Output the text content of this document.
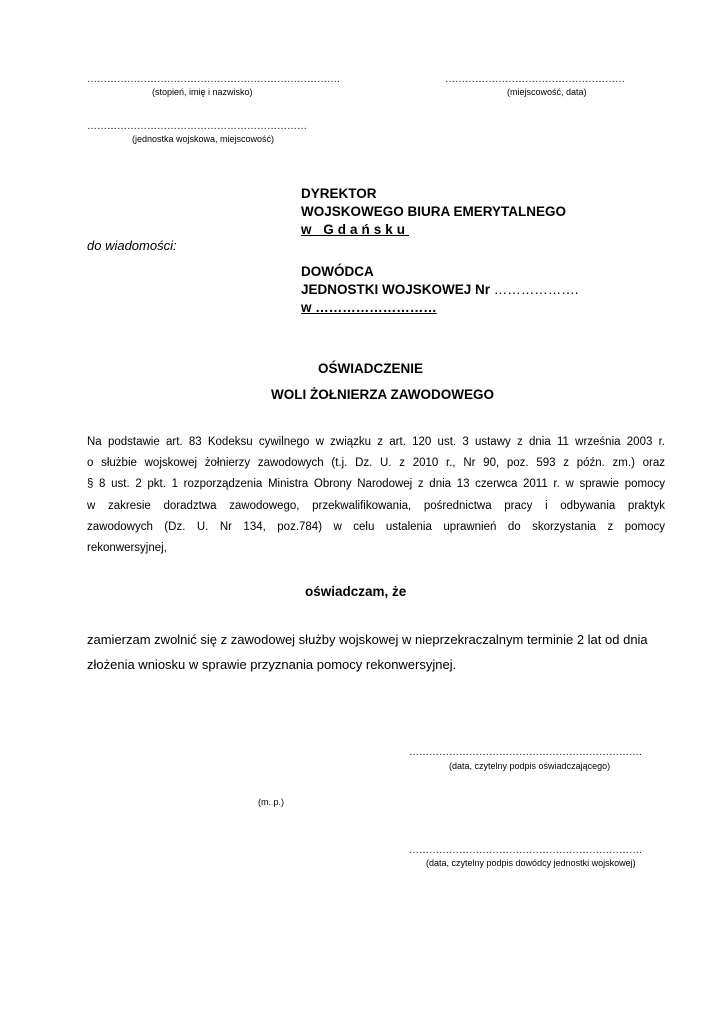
………………………………………………………………….
(stopień, imię i nazwisko)
………………………………………………
(miejscowość, data)
…………………………………………………………
(jednostka wojskowa, miejscowość)
DYREKTOR
WOJSKOWEGO BIURA EMERYTALNEGO
w Gdańsku
do wiadomości:
DOWÓDCA
JEDNOSTKI WOJSKOWEJ Nr ……………….
w ………………………
OŚWIADCZENIE
WOLI ŻOŁNIERZA ZAWODOWEGO
Na podstawie art. 83 Kodeksu cywilnego w związku z art. 120 ust. 3 ustawy z dnia 11 września 2003 r.
o służbie wojskowej żołnierzy zawodowych (t.j. Dz. U. z 2010 r., Nr 90, poz. 593 z późn. zm.) oraz
§ 8 ust. 2 pkt. 1 rozporządzenia Ministra Obrony Narodowej z dnia 13 czerwca 2011 r. w sprawie pomocy
w zakresie doradztwa zawodowego, przekwalifikowania, pośrednictwa pracy i odbywania praktyk
zawodowych (Dz. U. Nr 134, poz.784) w celu ustalenia uprawnień do skorzystania z pomocy
rekonwersyjnej,
oświadczam, że
zamierzam zwolnić się z zawodowej służby wojskowej w nieprzekraczalnym terminie 2 lat od dnia
złożenia wniosku w sprawie przyznania pomocy rekonwersyjnej.
…………………………………………………………….
(data, czytelny podpis oświadczającego)
(m. p.)
…………………………………………………………….
(data, czytelny podpis dowódcy jednostki wojskowej)
